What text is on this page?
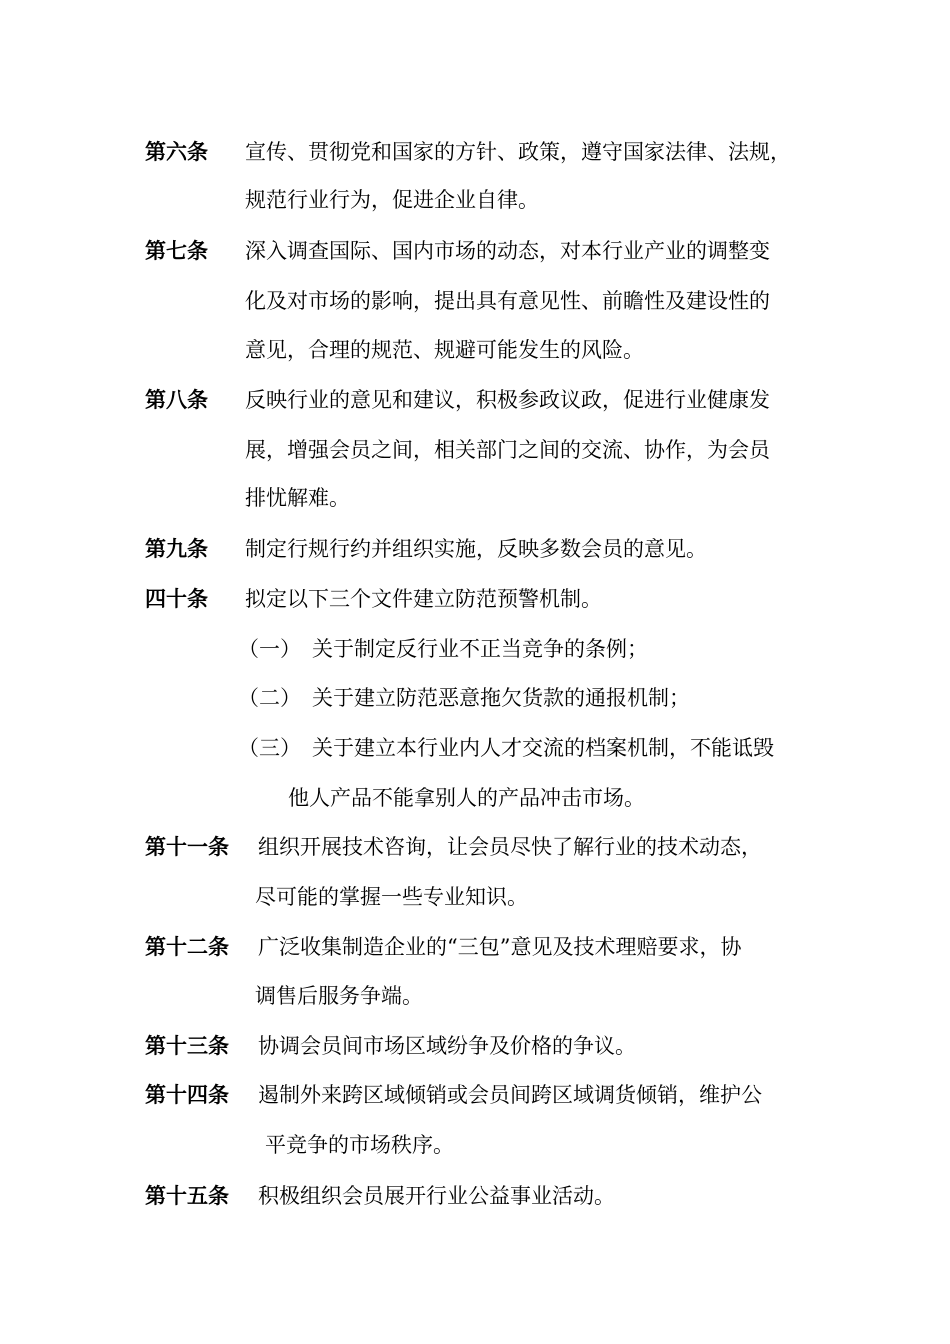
第六条 宣传、贯彻党和国家的方针、政策，遵守国家法律、法规，
规范行业行为，促进企业自律。
第七条 深入调查国际、国内市场的动态，对本行业产业的调整变
化及对市场的影响，提出具有意见性、前瞻性及建设性的
意见，合理的规范、规避可能发生的风险。
第八条 反映行业的意见和建议，积极参政议政，促进行业健康发
展，增强会员之间，相关部门之间的交流、协作，为会员
排忧解难。
第九条 制定行规行约并组织实施，反映多数会员的意见。
四十条 拟定以下三个文件建立防范预警机制。
（一） 关于制定反行业不正当竞争的条例；
（二） 关于建立防范恶意拖欠货款的通报机制；
（三） 关于建立本行业内人才交流的档案机制，不能诋毁
他人产品不能拿别人的产品冲击市场。
第十一条 组织开展技术咨询，让会员尽快了解行业的技术动态，
尽可能的掌握一些专业知识。
第十二条 广泛收集制造企业的“三包”意见及技术理赔要求，协
调售后服务争端。
第十三条 协调会员间市场区域纷争及价格的争议。
第十四条 遏制外来跨区域倾销或会员间跨区域调货倾销，维护公
平竞争的市场秩序。
第十五条 积极组织会员展开行业公益事业活动。
